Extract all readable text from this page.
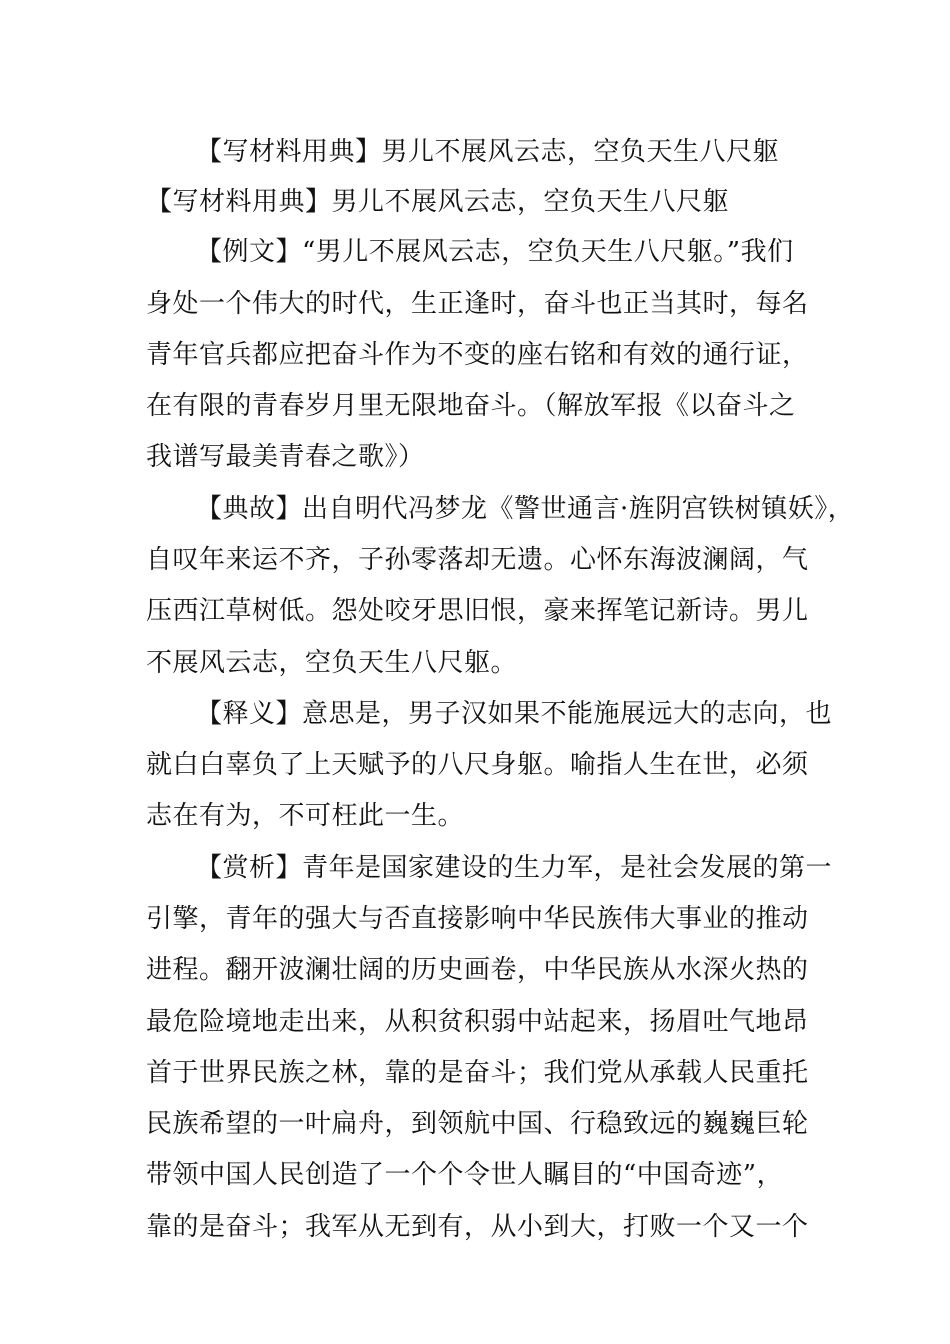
【写材料用典】男儿不展风云志，空负天生八尺躯
【写材料用典】男儿不展风云志，空负天生八尺躯
【例文】“男儿不展风云志，空负天生八尺躯。”我们
身处一个伟大的时代，生正逢时，奋斗也正当其时，每名
青年官兵都应把奋斗作为不变的座右铭和有效的通行证，
在有限的青春岁月里无限地奋斗。（解放军报《以奋斗之
我谱写最美青春之歌》）
【典故】出自明代冯梦龙《警世通言·旌阴宫铁树镇妖》，
自叹年来运不齐，子孙零落却无遗。心怀东海波澜阔，气
压西江草树低。怨处咬牙思旧恨，豪来挥笔记新诗。男儿
不展风云志，空负天生八尺躯。
【释义】意思是，男子汉如果不能施展远大的志向，也
就白白辜负了上天赋予的八尺身躯。喻指人生在世，必须
志在有为，不可枉此一生。
【赏析】青年是国家建设的生力军，是社会发展的第一
引擎，青年的强大与否直接影响中华民族伟大事业的推动
进程。翻开波澜壮阔的历史画卷，中华民族从水深火热的
最危险境地走出来，从积贫积弱中站起来，扬眉吐气地昂
首于世界民族之林，靠的是奋斗；我们党从承载人民重托
民族希望的一叶扁舟，到领航中国、行稳致远的巍巍巨轮
带领中国人民创造了一个个令世人瞩目的“中国奇迹”，
靠的是奋斗；我军从无到有，从小到大，打败一个又一个
